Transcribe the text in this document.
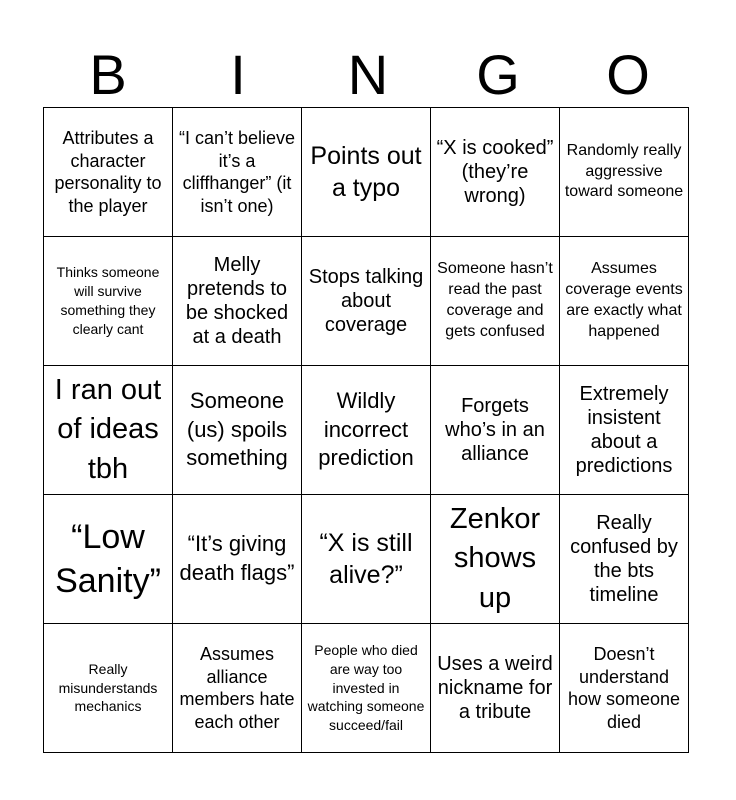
B	I	N	G	O
Attributes a character personality to the player	“I can’t believe it’s a cliffhanger” (it isn’t one)	Points out a typo	“X is cooked” (they’re wrong)	Randomly really aggressive toward someone
Thinks someone will survive something they clearly cant	Melly pretends to be shocked at a death	Stops talking about coverage	Someone hasn’t read the past coverage and gets confused	Assumes coverage events are exactly what happened
I ran out of ideas tbh	Someone (us) spoils something	Wildly incorrect prediction	Forgets who’s in an alliance	Extremely insistent about a predictions
“Low Sanity”	“It’s giving death flags”	“X is still alive?”	Zenkor shows up	Really confused by the bts timeline
Really misunderstands mechanics	Assumes alliance members hate each other	People who died are way too invested in watching someone succeed/fail	Uses a weird nickname for a tribute	Doesn’t understand how someone died
